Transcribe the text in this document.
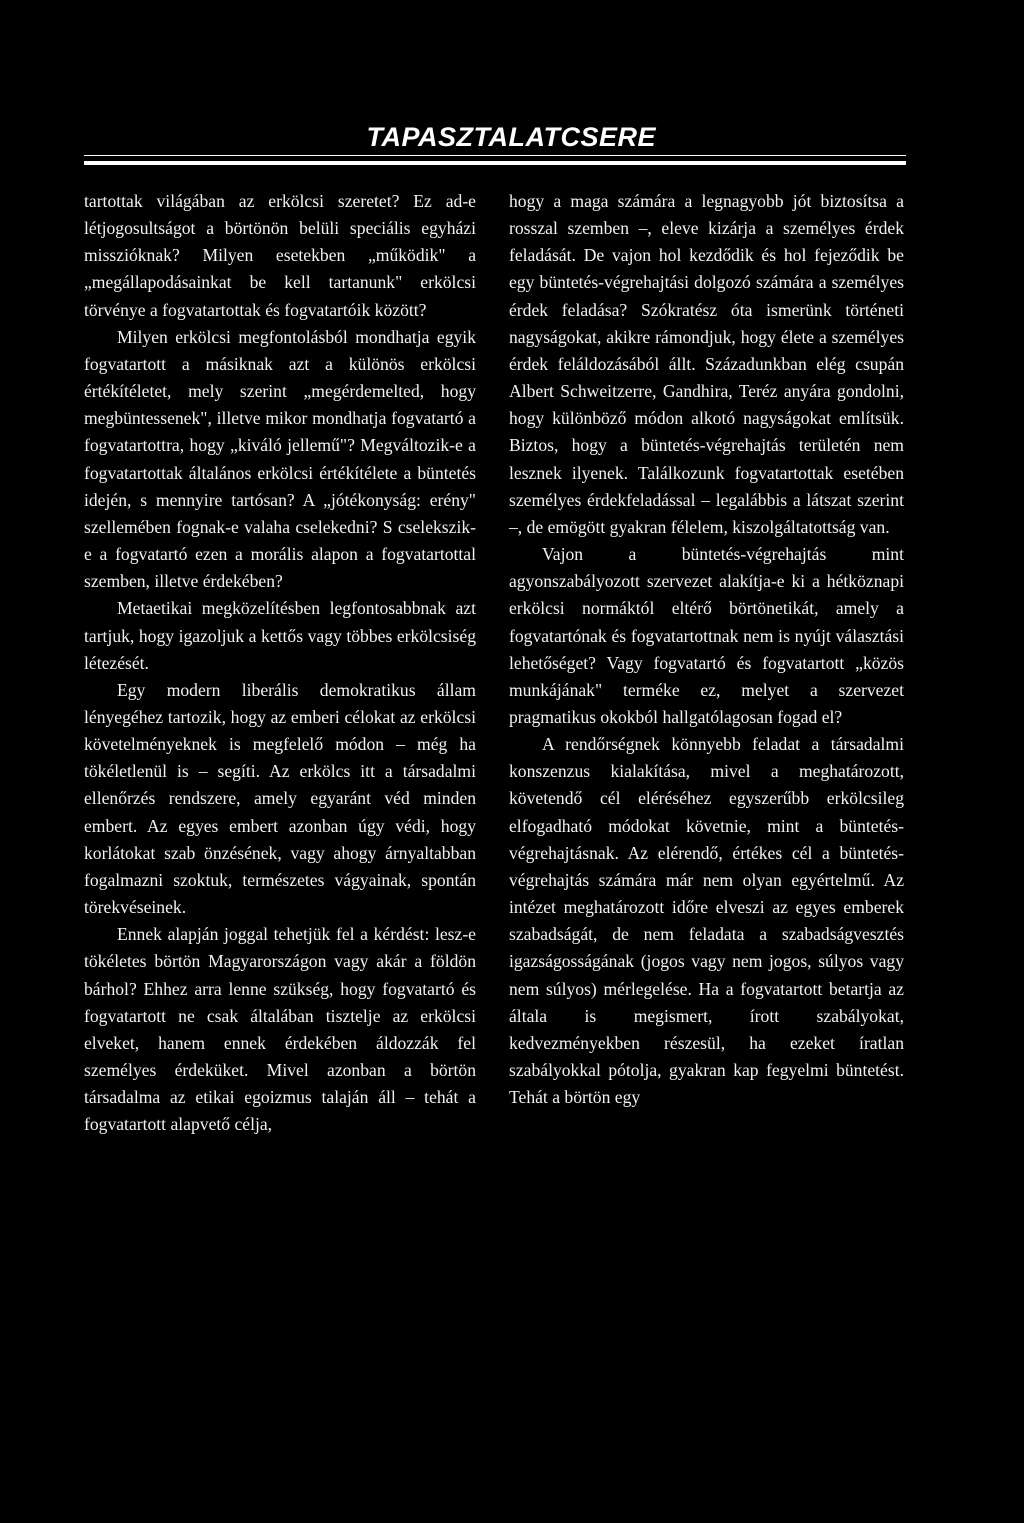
TAPASZTALATCSERE

tartottak világában az erkölcsi szeretet? Ez ad-e létjogosultságot a börtönön belüli speciális egyházi misszióknak? Milyen esetekben „működik" a „megállapodásainkat be kell tartanunk" erkölcsi törvénye a fogvatartottak és fogvatartóik között?

Milyen erkölcsi megfontolásból mondhatja egyik fogvatartott a másiknak azt a különös erkölcsi értékítéletet, mely szerint „megérdemelted, hogy megbüntessenek", illetve mikor mondhatja fogvatartó a fogvatartottra, hogy „kiváló jellemű"? Megváltozik-e a fogvatartottak általános erkölcsi értékítélete a büntetés idején, s mennyire tartósan? A „jótékonyság: erény" szellemében fognak-e valaha cselekedni? S cselekszik-e a fogvatartó ezen a morális alapon a fogvatartottal szemben, illetve érdekében?

Metaetikai megközelítésben legfontosabbnak azt tartjuk, hogy igazoljuk a kettős vagy többes erkölcsiség létezését.

Egy modern liberális demokratikus állam lényegéhez tartozik, hogy az emberi célokat az erkölcsi követelményeknek is megfelelő módon – még ha tökéletlenül is – segíti. Az erkölcs itt a társadalmi ellenőrzés rendszere, amely egyaránt véd minden embert. Az egyes embert azonban úgy védi, hogy korlátokat szab önzésének, vagy ahogy árnyaltabban fogalmazni szoktuk, természetes vágyainak, spontán törekvéseinek.

Ennek alapján joggal tehetjük fel a kérdést: lesz-e tökéletes börtön Magyarországon vagy akár a földön bárhol? Ehhez arra lenne szükség, hogy fogvatartó és fogvatartott ne csak általában tisztelje az erkölcsi elveket, hanem ennek érdekében áldozzák fel személyes érdeküket. Mivel azonban a börtön társadalma az etikai egoizmus talaján áll – tehát a fogvatartott alapvető célja,

hogy a maga számára a legnagyobb jót biztosítsa a rosszal szemben –, eleve kizárja a személyes érdek feladását. De vajon hol kezdődik és hol fejeződik be egy büntetés-végrehajtási dolgozó számára a személyes érdek feladása? Szókratész óta ismerünk történeti nagyságokat, akikre rámondjuk, hogy élete a személyes érdek feláldozásából állt. Századunkban elég csupán Albert Schweitzerre, Gandhira, Teréz anyára gondolni, hogy különböző módon alkotó nagyságokat említsük. Biztos, hogy a büntetés-végrehajtás területén nem lesznek ilyenek. Találkozunk fogvatartottak esetében személyes érdekfeladással – legalábbis a látszat szerint –, de emögött gyakran félelem, kiszolgáltatottság van.

Vajon a büntetés-végrehajtás mint agyonszabályozott szervezet alakítja-e ki a hétköznapi erkölcsi normáktól eltérő börtönetikát, amely a fogvatartónak és fogvatartottnak nem is nyújt választási lehetőséget? Vagy fogvatartó és fogvatartott „közös munkájának" terméke ez, melyet a szervezet pragmatikus okokból hallgatólagosan fogad el?

A rendőrségnek könnyebb feladat a társadalmi konszenzus kialakítása, mivel a meghatározott, követendő cél eléréséhez egyszerűbb erkölcsileg elfogadható módokat követnie, mint a büntetés-végrehajtásnak. Az elérendő, értékes cél a büntetés-végrehajtás számára már nem olyan egyértelmű. Az intézet meghatározott időre elveszi az egyes emberek szabadságát, de nem feladata a szabadságvesztés igazságosságának (jogos vagy nem jogos, súlyos vagy nem súlyos) mérlegelése. Ha a fogvatartott betartja az általa is megismert, írott szabályokat, kedvezményekben részesül, ha ezeket íratlan szabályokkal pótolja, gyakran kap fegyelmi büntetést. Tehát a börtön egy
